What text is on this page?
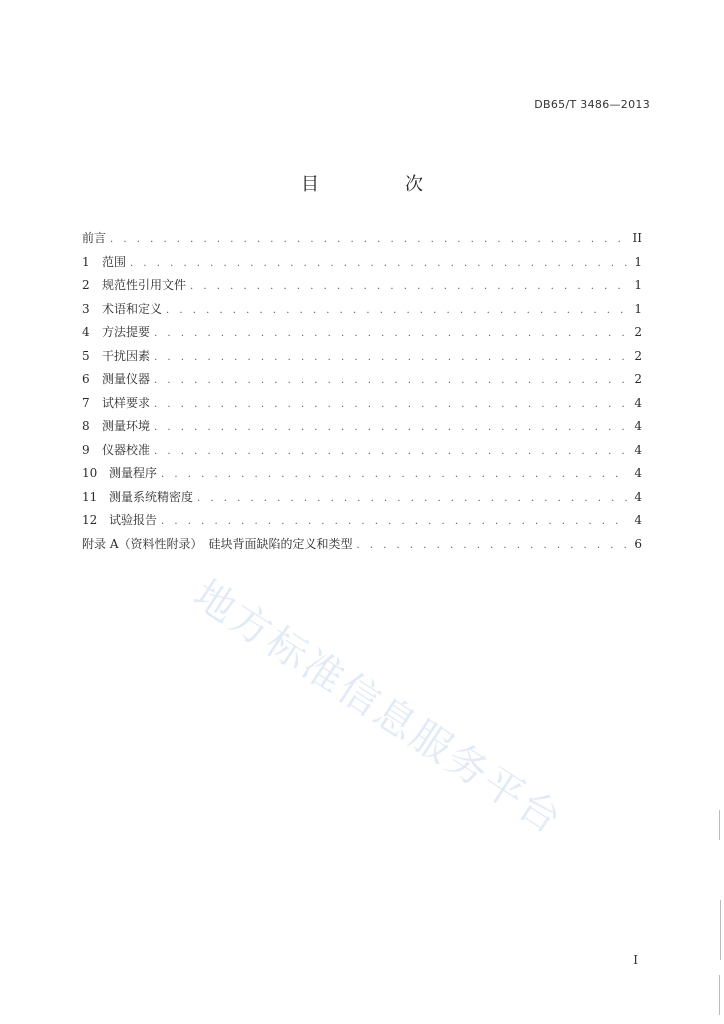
DB65/T 3486—2013
目　次
前言 . . .	II
1	范围 . . .	1
2	规范性引用文件 . . .	1
3	术语和定义 . . .	1
4	方法提要 . . .	2
5	干扰因素 . . .	2
6	测量仪器 . . .	2
7	试样要求 . . .	4
8	测量环境 . . .	4
9	仪器校准 . . .	4
10 测量程序 . . .	4
11 测量系统精密度 . . .	4
12 试验报告 . . .	4
附录 A（资料性附录）　硅块背面缺陷的定义和类型 . . .	6
地方标准信息服务平台
I
